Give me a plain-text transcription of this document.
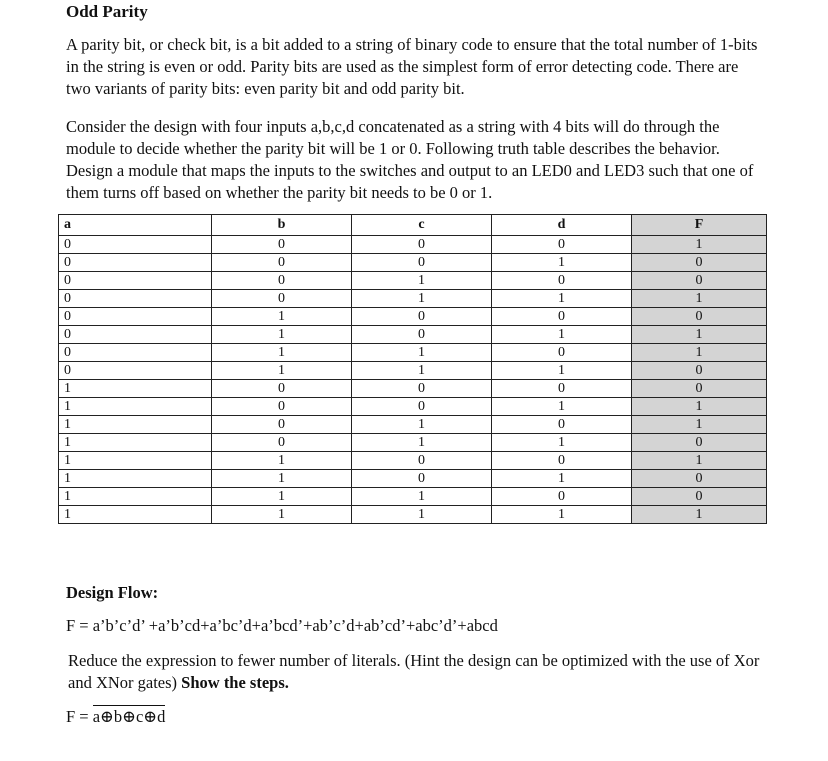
Odd Parity
A parity bit, or check bit, is a bit added to a string of binary code to ensure that the total number of 1-bits in the string is even or odd. Parity bits are used as the simplest form of error detecting code. There are two variants of parity bits: even parity bit and odd parity bit.
Consider the design with four inputs a,b,c,d concatenated as a string with 4 bits will do through the module to decide whether the parity bit will be 1 or 0. Following truth table describes the behavior. Design a module that maps the inputs to the switches and output to an LED0 and LED3 such that one of them turns off based on whether the parity bit needs to be 0 or 1.
a	b	c	d	F
0	0	0	0	1
0	0	0	1	0
0	0	1	0	0
0	0	1	1	1
0	1	0	0	0
0	1	0	1	1
0	1	1	0	1
0	1	1	1	0
1	0	0	0	0
1	0	0	1	1
1	0	1	0	1
1	0	1	1	0
1	1	0	0	1
1	1	0	1	0
1	1	1	0	0
1	1	1	1	1
Design Flow:
F = a’b’c’d’ +a’b’cd+a’bc’d+a’bcd’+ab’c’d+ab’cd’+abc’d’+abcd
Reduce the expression to fewer number of literals. (Hint the design can be optimized with the use of Xor and XNor gates) Show the steps.
F = a⊕b⊕c⊕d
